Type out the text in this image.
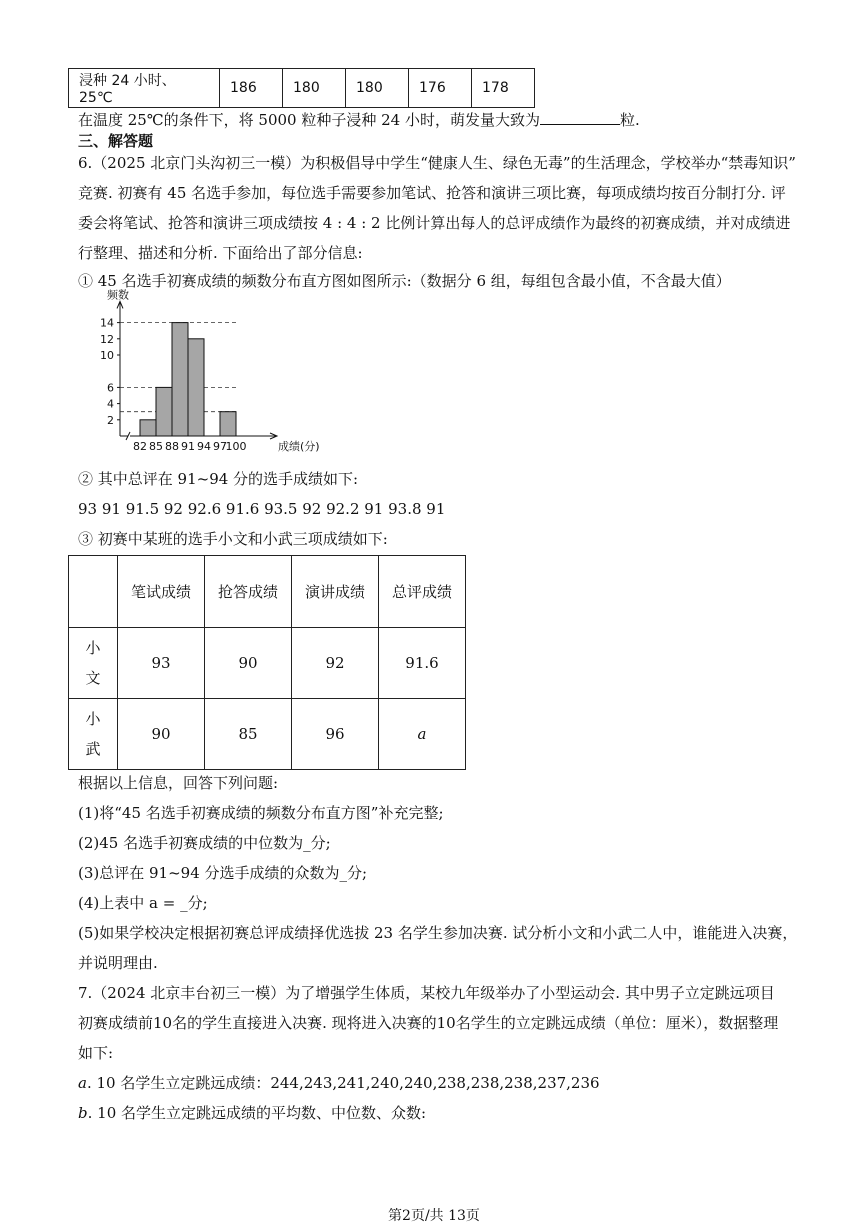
浸种 24 小时、25℃	186	180	180	176	178
在温度 25℃的条件下，将 5000 粒种子浸种 24 小时，萌发量大致为	粒.
三、解答题
6.（2025 北京门头沟初三一模）为积极倡导中学生“健康人生、绿色无毒”的生活理念，学校举办“禁毒知识”
竞赛. 初赛有 45 名选手参加，每位选手需要参加笔试、抢答和演讲三项比赛，每项成绩均按百分制打分. 评
委会将笔试、抢答和演讲三项成绩按 4 : 4 : 2 比例计算出每人的总评成绩作为最终的初赛成绩，并对成绩进
行整理、描述和分析. 下面给出了部分信息:
① 45 名选手初赛成绩的频数分布直方图如图所示:（数据分 6 组，每组包含最小值，不含最大值）
2
4
6
10
12
14
82 85 88 91 94 97
100
频数
成绩(分)
② 其中总评在 91~94 分的选手成绩如下:
93 91 91.5 92 92.6 91.6 93.5 92 92.2 91 93.8 91
③ 初赛中某班的选手小文和小武三项成绩如下:
	笔试成绩	抢答成绩	演讲成绩	总评成绩
小文	93	90	92	91.6
小武	90	85	96	a
根据以上信息，回答下列问题:
(1)将“45 名选手初赛成绩的频数分布直方图”补充完整;
(2)45 名选手初赛成绩的中位数为_分;
(3)总评在 91~94 分选手成绩的众数为_分;
(4)上表中 a = _分;
(5)如果学校决定根据初赛总评成绩择优选拔 23 名学生参加决赛. 试分析小文和小武二人中，谁能进入决赛，
并说明理由.
7.（2024 北京丰台初三一模）为了增强学生体质，某校九年级举办了小型运动会. 其中男子立定跳远项目
初赛成绩前10名的学生直接进入决赛. 现将进入决赛的10名学生的立定跳远成绩（单位：厘米），数据整理
如下:
a. 10 名学生立定跳远成绩：244,243,241,240,240,238,238,238,237,236
b. 10 名学生立定跳远成绩的平均数、中位数、众数:
第2页/共 13页
